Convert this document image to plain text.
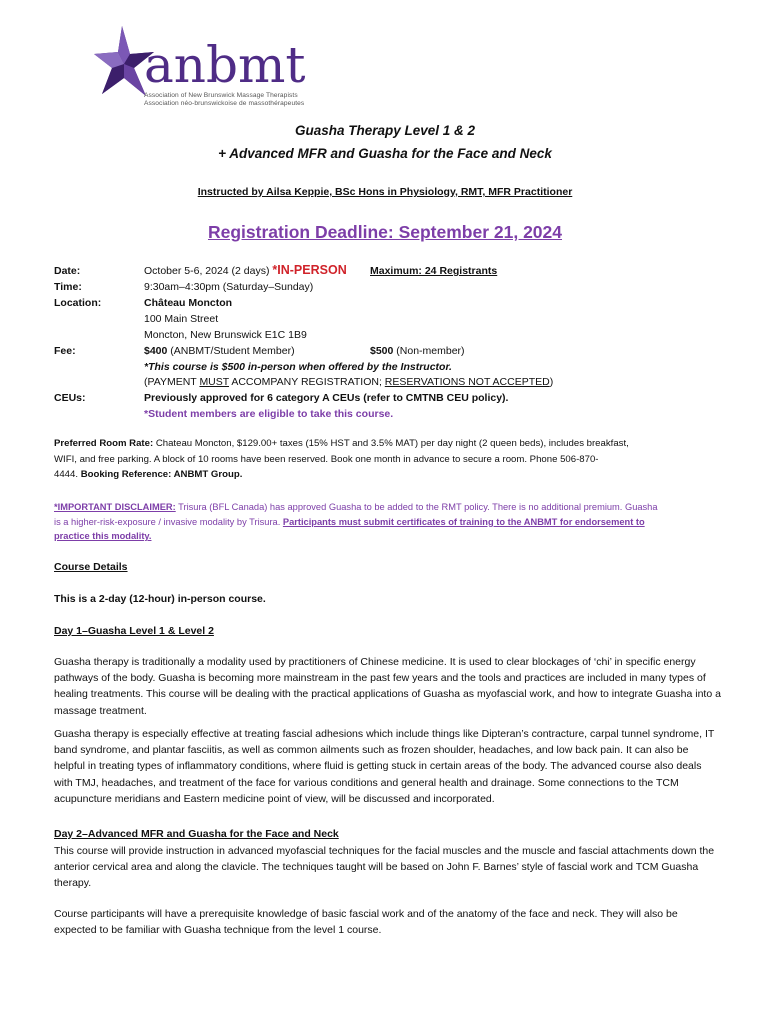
anbmt
Association of New Brunswick Massage Therapists
Association néo-brunswickoise de massothérapeutes
Guasha Therapy Level 1 & 2
+ Advanced MFR and Guasha for the Face and Neck
Instructed by Ailsa Keppie, BSc Hons in Physiology, RMT, MFR Practitioner
Registration Deadline: September 21, 2024
Date:	October 5-6, 2024 (2 days) *IN-PERSON Maximum: 24 Registrants
Time:	9:30am–4:30pm (Saturday–Sunday)
Location:	Château Moncton
100 Main Street
Moncton, New Brunswick E1C 1B9
Fee:	$400 (ANBMT/Student Member)	$500 (Non-member)
*This course is $500 in-person when offered by the Instructor.
(PAYMENT MUST ACCOMPANY REGISTRATION; RESERVATIONS NOT ACCEPTED)
CEUs:	Previously approved for 6 category A CEUs (refer to CMTNB CEU policy).
*Student members are eligible to take this course.
Preferred Room Rate: Chateau Moncton, $129.00+ taxes (15% HST and 3.5% MAT) per day night (2 queen beds), includes breakfast,
WIFI, and free parking. A block of 10 rooms have been reserved. Book one month in advance to secure a room. Phone 506-870-
4444. Booking Reference: ANBMT Group.
*IMPORTANT DISCLAIMER: Trisura (BFL Canada) has approved Guasha to be added to the RMT policy. There is no additional premium. Guasha
is a higher-risk-exposure / invasive modality by Trisura. Participants must submit certificates of training to the ANBMT for endorsement to
practice this modality.
Course Details
This is a 2-day (12-hour) in-person course.
Day 1–Guasha Level 1 & Level 2
Guasha therapy is traditionally a modality used by practitioners of Chinese medicine. It is used to clear blockages of ‘chi’ in specific energy pathways of the body. Guasha is becoming more mainstream in the past few years and the tools and practices are included in many types of healing treatments. This course will be dealing with the practical applications of Guasha as myofascial work, and how to integrate Guasha into a massage treatment.
Guasha therapy is especially effective at treating fascial adhesions which include things like Dipteran’s contracture, carpal tunnel syndrome, IT band syndrome, and plantar fasciitis, as well as common ailments such as frozen shoulder, headaches, and low back pain. It can also be helpful in treating types of inflammatory conditions, where fluid is getting stuck in certain areas of the body. The advanced course also deals with TMJ, headaches, and treatment of the face for various conditions and general health and drainage. Some connections to the TCM acupuncture meridians and Eastern medicine point of view, will be discussed and incorporated.
Day 2–Advanced MFR and Guasha for the Face and Neck
This course will provide instruction in advanced myofascial techniques for the facial muscles and the muscle and fascial attachments down the anterior cervical area and along the clavicle. The techniques taught will be based on John F. Barnes’ style of fascial work and TCM Guasha therapy.
Course participants will have a prerequisite knowledge of basic fascial work and of the anatomy of the face and neck. They will also be expected to be familiar with Guasha technique from the level 1 course.
